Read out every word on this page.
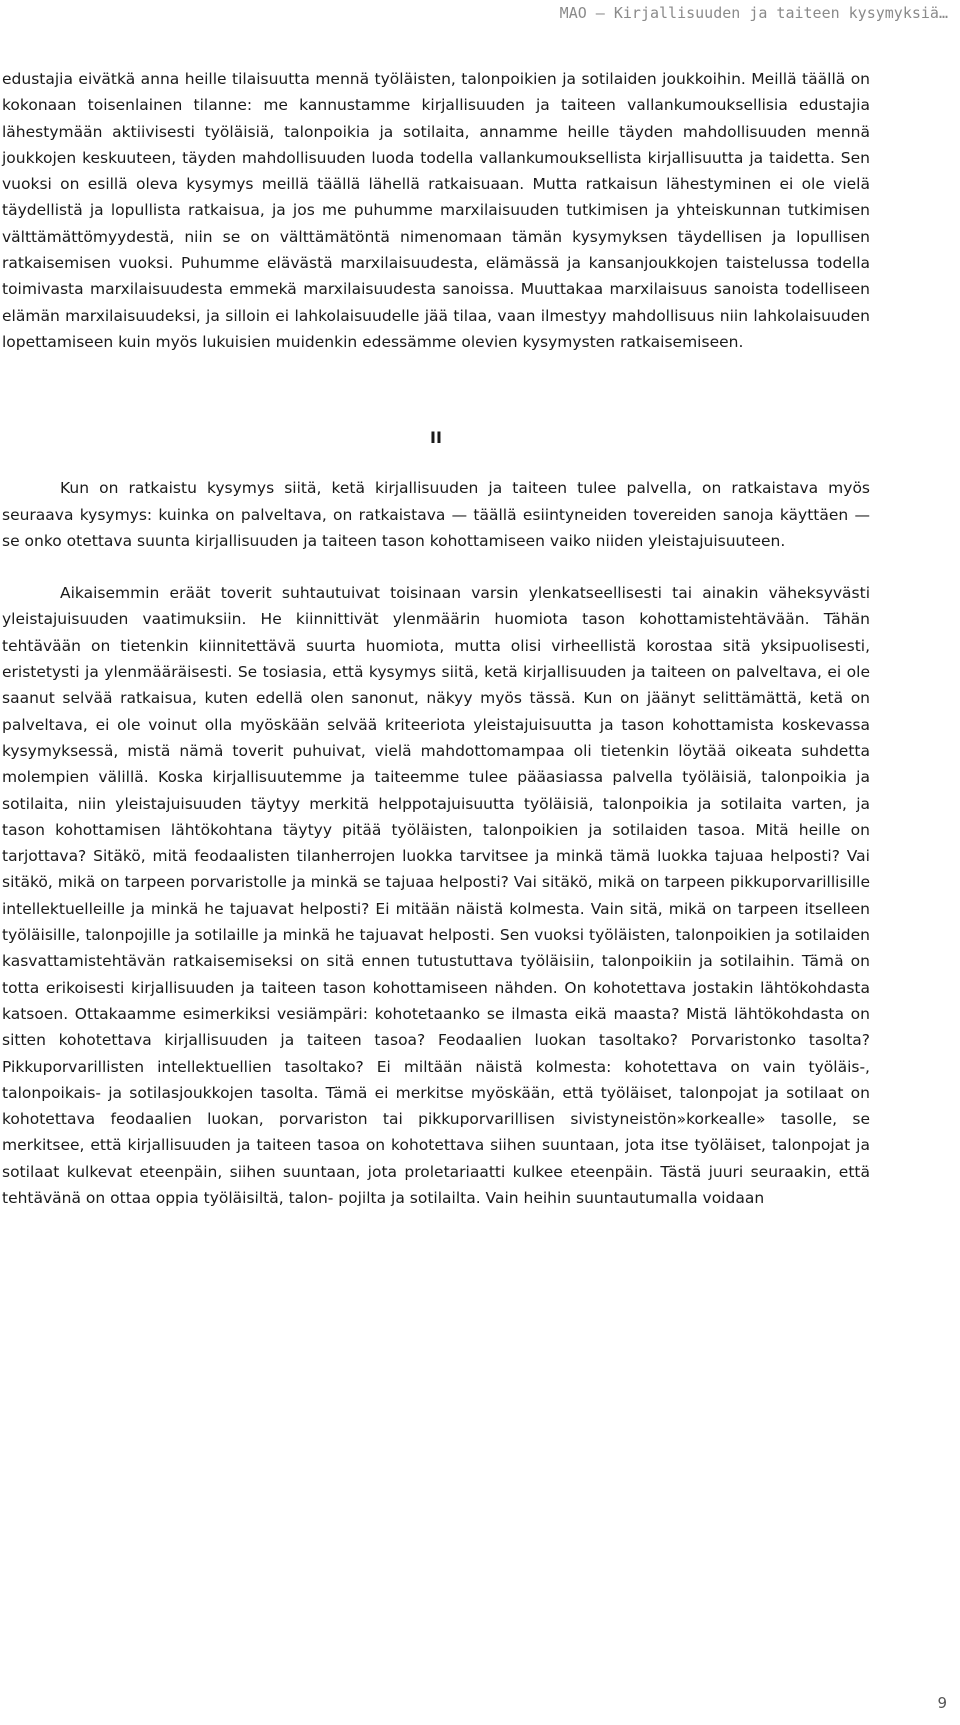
MAO – Kirjallisuuden ja taiteen kysymyksiä…

edustajia eivätkä anna heille tilaisuutta mennä työläisten, talonpoikien ja sotilaiden joukkoihin. Meillä täällä on kokonaan toisenlainen tilanne: me kannustamme kirjallisuuden ja taiteen vallankumouksellisia edustajia lähestymään aktiivisesti työläisiä, talonpoikia ja sotilaita, annamme heille täyden mahdollisuuden mennä joukkojen keskuuteen, täyden mahdollisuuden luoda todella vallankumouksellista kirjallisuutta ja taidetta. Sen vuoksi on esillä oleva kysymys meillä täällä lähellä ratkaisuaan. Mutta ratkaisun lähestyminen ei ole vielä täydellistä ja lopullista ratkaisua, ja jos me puhumme marxilaisuuden tutkimisen ja yhteiskunnan tutkimisen välttämättömyydestä, niin se on välttämätöntä nimenomaan tämän kysymyksen täydellisen ja lopullisen ratkaisemisen vuoksi. Puhumme elävästä marxilaisuudesta, elämässä ja kansanjoukkojen taistelussa todella toimivasta marxilaisuudesta emmekä marxilaisuudesta sanoissa. Muuttakaa marxilaisuus sanoista todelliseen elämän marxilaisuudeksi, ja silloin ei lahkolaisuudelle jää tilaa, vaan ilmestyy mahdollisuus niin lahkolaisuuden lopettamiseen kuin myös lukuisien muidenkin edessämme olevien kysymysten ratkaisemiseen.

II

Kun on ratkaistu kysymys siitä, ketä kirjallisuuden ja taiteen tulee palvella, on ratkaistava myös seuraava kysymys: kuinka on palveltava, on ratkaistava — täällä esiintyneiden tovereiden sanoja käyttäen — se onko otettava suunta kirjallisuuden ja taiteen tason kohottamiseen vaiko niiden yleistajuisuuteen.

Aikaisemmin eräät toverit suhtautuivat toisinaan varsin ylenkatseellisesti tai ainakin väheksyvästi yleistajuisuuden vaatimuksiin. He kiinnittivät ylenmäärin huomiota tason kohottamistehtävään. Tähän tehtävään on tietenkin kiinnitettävä suurta huomiota, mutta olisi virheellistä korostaa sitä yksipuolisesti, eristetysti ja ylenmääräisesti. Se tosiasia, että kysymys siitä, ketä kirjallisuuden ja taiteen on palveltava, ei ole saanut selvää ratkaisua, kuten edellä olen sanonut, näkyy myös tässä. Kun on jäänyt selittämättä, ketä on palveltava, ei ole voinut olla myöskään selvää kriteeriota yleistajuisuutta ja tason kohottamista koskevassa kysymyksessä, mistä nämä toverit puhuivat, vielä mahdottomampaa oli tietenkin löytää oikeata suhdetta molempien välillä. Koska kirjallisuutemme ja taiteemme tulee pääasiassa palvella työläisiä, talonpoikia ja sotilaita, niin yleistajuisuuden täytyy merkitä helppotajuisuutta työläisiä, talonpoikia ja sotilaita varten, ja tason kohottamisen lähtökohtana täytyy pitää työläisten, talonpoikien ja sotilaiden tasoa. Mitä heille on tarjottava? Sitäkö, mitä feodaalisten tilanherrojen luokka tarvitsee ja minkä tämä luokka tajuaa helposti? Vai sitäkö, mikä on tarpeen porvaristolle ja minkä se tajuaa helposti? Vai sitäkö, mikä on tarpeen pikkuporvarillisille intellektuelleille ja minkä he tajuavat helposti? Ei mitään näistä kolmesta. Vain sitä, mikä on tarpeen itselleen työläisille, talonpojille ja sotilaille ja minkä he tajuavat helposti. Sen vuoksi työläisten, talonpoikien ja sotilaiden kasvattamistehtävän ratkaisemiseksi on sitä ennen tutustuttava työläisiin, talonpoikiin ja sotilaihin. Tämä on totta erikoisesti kirjallisuuden ja taiteen tason kohottamiseen nähden. On kohotettava jostakin lähtökohdasta katsoen. Ottakaamme esimerkiksi vesiämpäri: kohotetaanko se ilmasta eikä maasta? Mistä lähtökohdasta on sitten kohotettava kirjallisuuden ja taiteen tasoa? Feodaalien luokan tasoltako? Porvaristonko tasolta? Pikkuporvarillisten intellektuellien tasoltako? Ei miltään näistä kolmesta: kohotettava on vain työläis-, talonpoikais- ja sotilasjoukkojen tasolta. Tämä ei merkitse myöskään, että työläiset, talonpojat ja sotilaat on kohotettava feodaalien luokan, porvariston tai pikkuporvarillisen sivistyneistön»korkealle» tasolle, se merkitsee, että kirjallisuuden ja taiteen tasoa on kohotettava siihen suuntaan, jota itse työläiset, talonpojat ja sotilaat kulkevat eteenpäin, siihen suuntaan, jota proletariaatti kulkee eteenpäin. Tästä juuri seuraakin, että tehtävänä on ottaa oppia työläisiltä, talon- pojilta ja sotilailta. Vain heihin suuntautumalla voidaan

9
